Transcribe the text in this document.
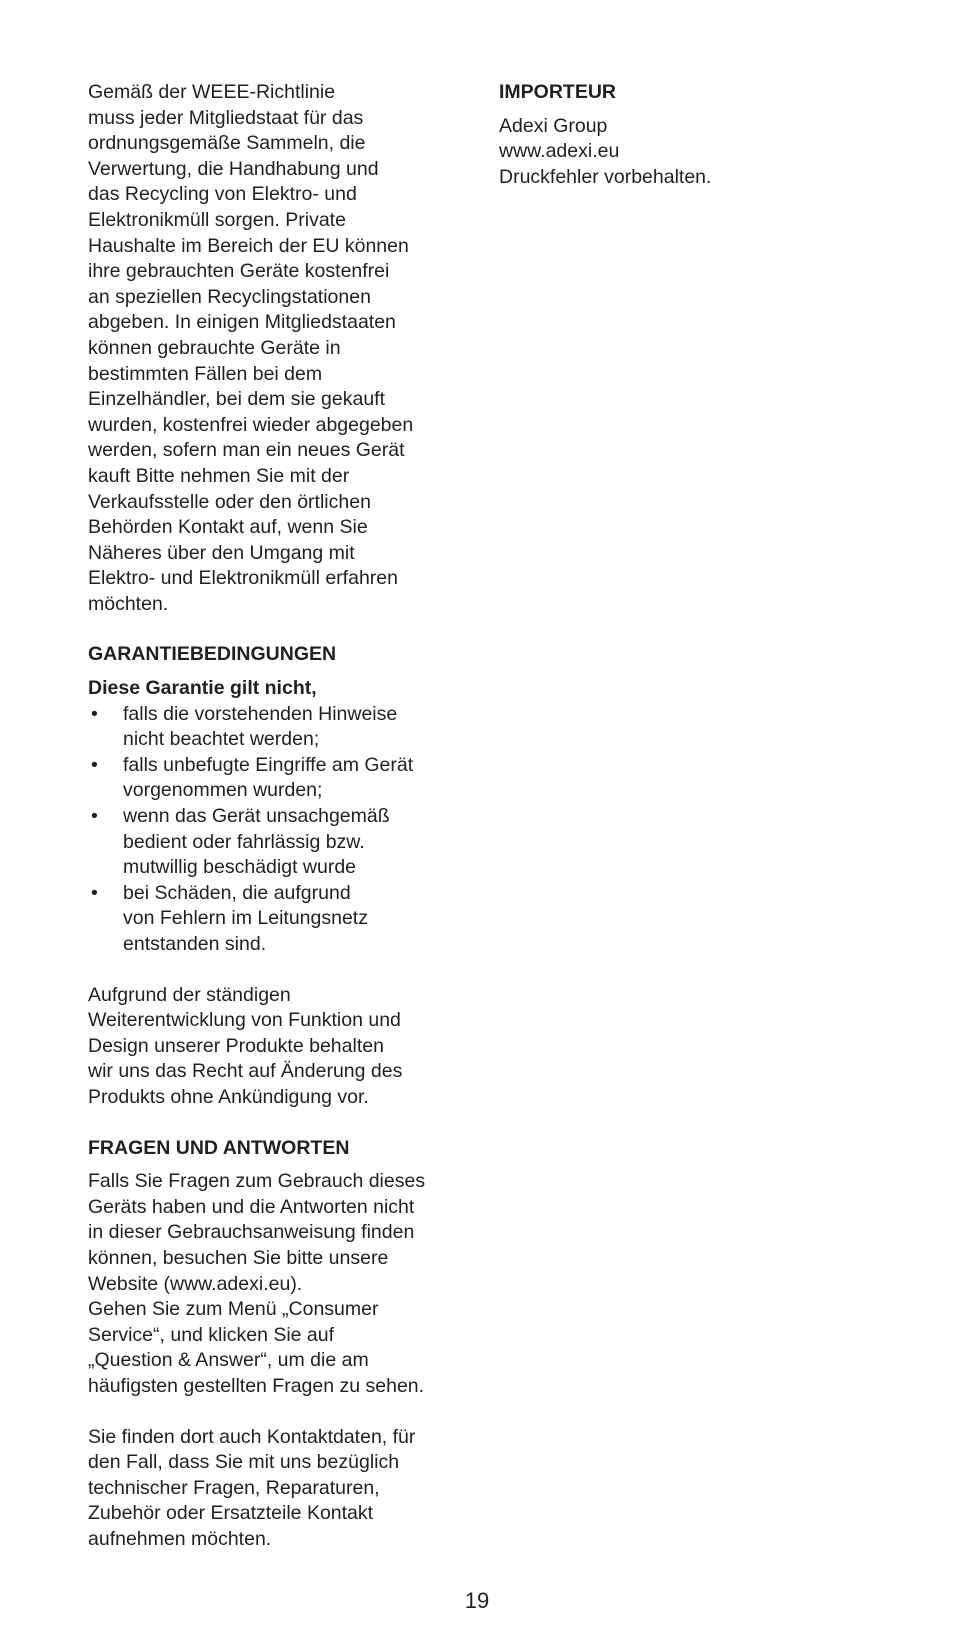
Gemäß der WEEE-Richtlinie
muss jeder Mitgliedstaat für das
ordnungsgemäße Sammeln, die
Verwertung, die Handhabung und
das Recycling von Elektro- und
Elektronikmüll sorgen. Private
Haushalte im Bereich der EU können
ihre gebrauchten Geräte kostenfrei
an speziellen Recyclingstationen
abgeben. In einigen Mitgliedstaaten
können gebrauchte Geräte in
bestimmten Fällen bei dem
Einzelhändler, bei dem sie gekauft
wurden, kostenfrei wieder abgegeben
werden, sofern man ein neues Gerät
kauft Bitte nehmen Sie mit der
Verkaufsstelle oder den örtlichen
Behörden Kontakt auf, wenn Sie
Näheres über den Umgang mit
Elektro- und Elektronikmüll erfahren
möchten.
GARANTIEBEDINGUNGEN
Diese Garantie gilt nicht,
• falls die vorstehenden Hinweise
nicht beachtet werden;
• falls unbefugte Eingriffe am Gerät
vorgenommen wurden;
• wenn das Gerät unsachgemäß
bedient oder fahrlässig bzw.
mutwillig beschädigt wurde
• bei Schäden, die aufgrund
von Fehlern im Leitungsnetz
entstanden sind.
Aufgrund der ständigen
Weiterentwicklung von Funktion und
Design unserer Produkte behalten
wir uns das Recht auf Änderung des
Produkts ohne Ankündigung vor.
FRAGEN UND ANTWORTEN
Falls Sie Fragen zum Gebrauch dieses
Geräts haben und die Antworten nicht
in dieser Gebrauchsanweisung finden
können, besuchen Sie bitte unsere
Website (www.adexi.eu).
Gehen Sie zum Menü „Consumer
Service“, und klicken Sie auf
„Question & Answer“, um die am
häufigsten gestellten Fragen zu sehen.
Sie finden dort auch Kontaktdaten, für
den Fall, dass Sie mit uns bezüglich
technischer Fragen, Reparaturen,
Zubehör oder Ersatzteile Kontakt
aufnehmen möchten.
IMPORTEUR
Adexi Group
www.adexi.eu
Druckfehler vorbehalten.
19
